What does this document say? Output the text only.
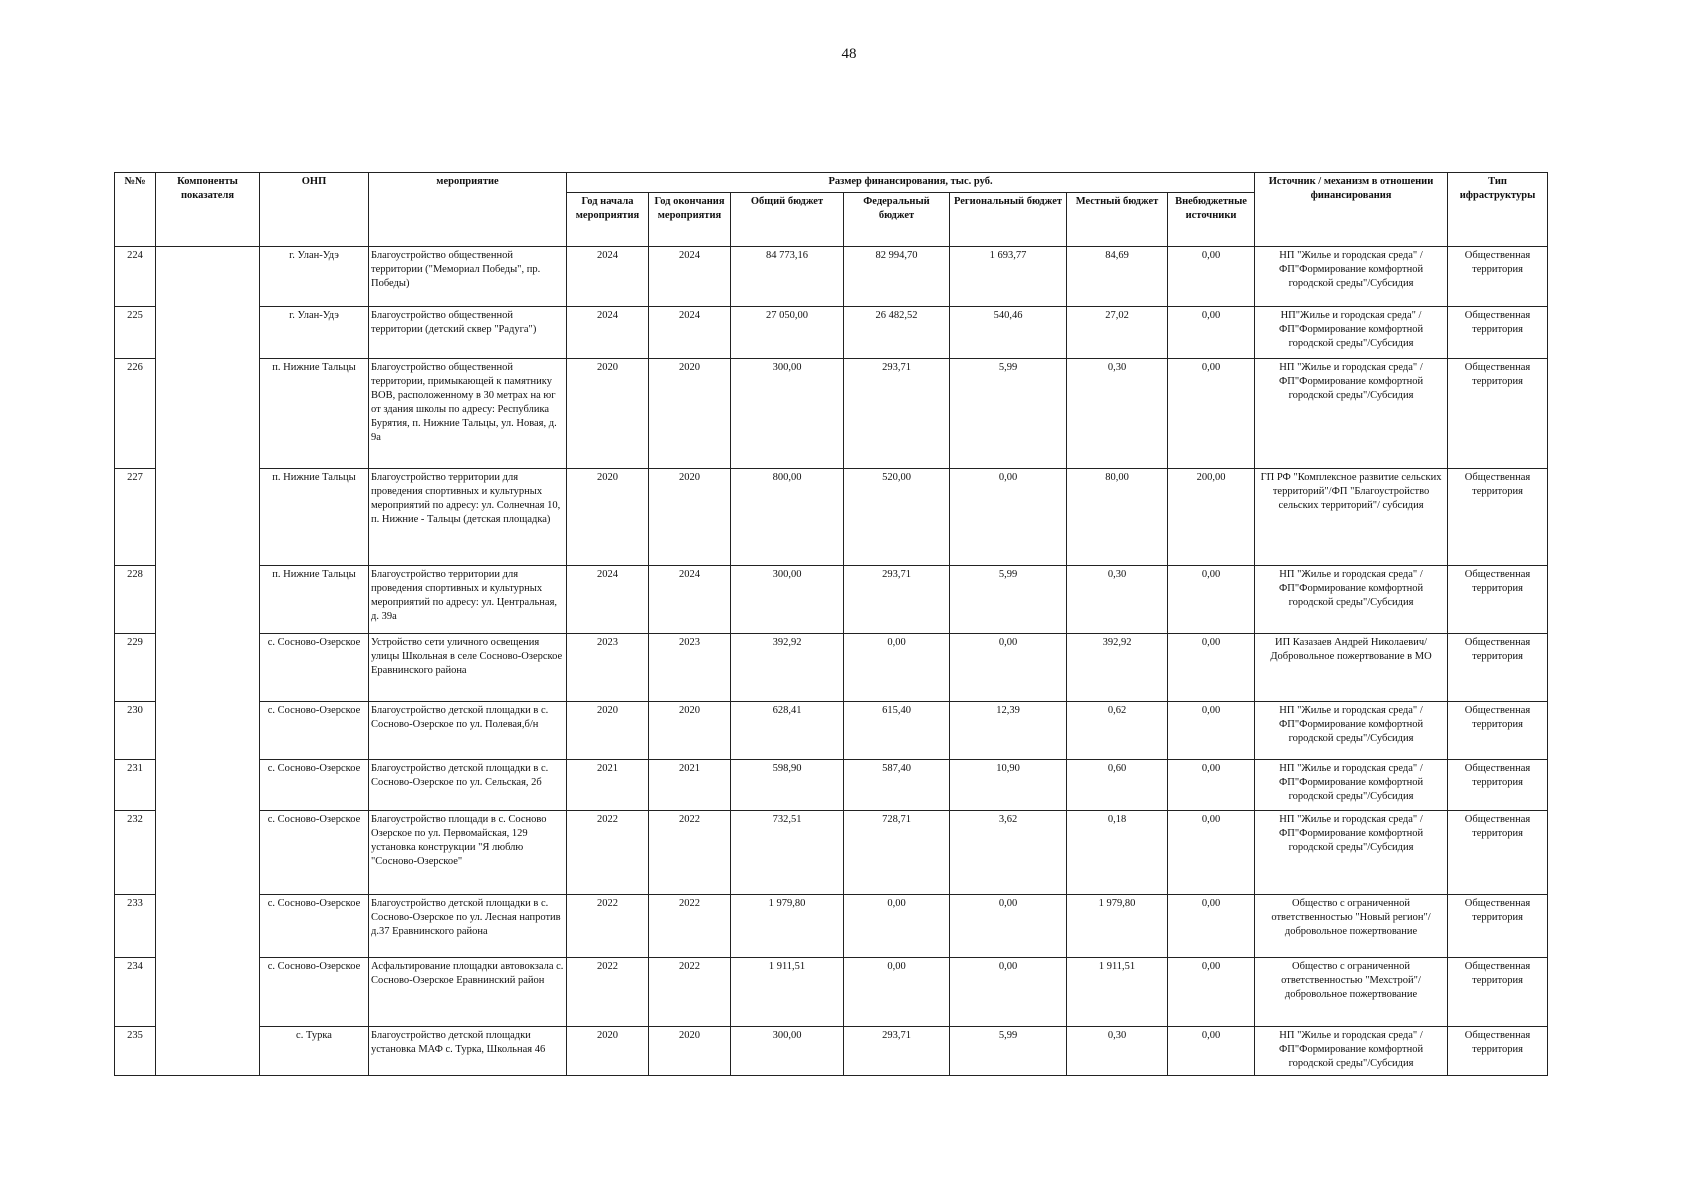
48
№№	Компоненты показателя	ОНП	мероприятие	Размер финансирования, тыс. руб.							Источник / механизм в отношении финансирования	Тип ифраструктуры
				Год начала мероприятия	Год окончания мероприятия	Общий бюджет	Федеральный бюджет	Региональный бюджет	Местный бюджет	Внебюджетные источники		
224		г. Улан-Удэ	Благоустройство общественной территории ("Мемориал Победы", пр. Победы)	2024	2024	84 773,16	82 994,70	1 693,77	84,69	0,00	НП "Жилье и городская среда" /ФП"Формирование комфортной городской среды"/Субсидия	Общественная территория
225		г. Улан-Удэ	Благоустройство общественной территории (детский сквер "Радуга")	2024	2024	27 050,00	26 482,52	540,46	27,02	0,00	НП"Жилье и городская среда" /ФП"Формирование комфортной городской среды"/Субсидия	Общественная территория
226		п. Нижние Тальцы	Благоустройство общественной территории, примыкающей к памятнику ВОВ, расположенному в 30 метрах на юг от здания школы по адресу: Республика Бурятия, п. Нижние Тальцы, ул. Новая, д. 9а	2020	2020	300,00	293,71	5,99	0,30	0,00	НП "Жилье и городская среда" /ФП"Формирование комфортной городской среды"/Субсидия	Общественная территория
227		п. Нижние Тальцы	Благоустройство территории для проведения спортивных и культурных мероприятий по адресу: ул. Солнечная 10, п. Нижние - Тальцы (детская площадка)	2020	2020	800,00	520,00	0,00	80,00	200,00	ГП РФ "Комплексное развитие сельских территорий"/ФП "Благоустройство сельских территорий"/ субсидия	Общественная территория
228		п. Нижние Тальцы	Благоустройство территории для проведения спортивных и культурных мероприятий по адресу: ул. Центральная, д. 39а	2024	2024	300,00	293,71	5,99	0,30	0,00	НП "Жилье и городская среда" /ФП"Формирование комфортной городской среды"/Субсидия	Общественная территория
229		с. Сосново-Озерское	Устройство сети уличного освещения улицы Школьная в селе Сосново-Озерское Еравнинского района	2023	2023	392,92	0,00	0,00	392,92	0,00	ИП Казазаев Андрей Николаевич/Добровольное пожертвование в МО	Общественная территория
230		с. Сосново-Озерское	Благоустройство детской площадки в с. Сосново-Озерское по ул. Полевая,б/н	2020	2020	628,41	615,40	12,39	0,62	0,00	НП "Жилье и городская среда" /ФП"Формирование комфортной городской среды"/Субсидия	Общественная территория
231		с. Сосново-Озерское	Благоустройство детской площадки в с. Сосново-Озерское по ул. Сельская, 2б	2021	2021	598,90	587,40	10,90	0,60	0,00	НП "Жилье и городская среда" /ФП"Формирование комфортной городской среды"/Субсидия	Общественная территория
232		с. Сосново-Озерское	Благоустройство площади в с. Сосново Озерское по ул. Первомайская, 129 установка конструкции "Я люблю "Сосново-Озерское"	2022	2022	732,51	728,71	3,62	0,18	0,00	НП "Жилье и городская среда" /ФП"Формирование комфортной городской среды"/Субсидия	Общественная территория
233		с. Сосново-Озерское	Благоустройство детской площадки в с. Сосново-Озерское по ул. Лесная напротив д.37 Еравнинского района	2022	2022	1 979,80	0,00	0,00	1 979,80	0,00	Общество с ограниченной ответственностью "Новый регион"/добровольное пожертвование	Общественная территория
234		с. Сосново-Озерское	Асфальтирование площадки автовокзала с. Сосново-Озерское Еравнинский район	2022	2022	1 911,51	0,00	0,00	1 911,51	0,00	Общество с ограниченной ответственностью "Мехстрой"/добровольное пожертвование	Общественная территория
235		с. Турка	Благоустройство детской площадки установка МАФ с. Турка, Школьная 46	2020	2020	300,00	293,71	5,99	0,30	0,00	НП "Жилье и городская среда" /ФП"Формирование комфортной городской среды"/Субсидия	Общественная территория
